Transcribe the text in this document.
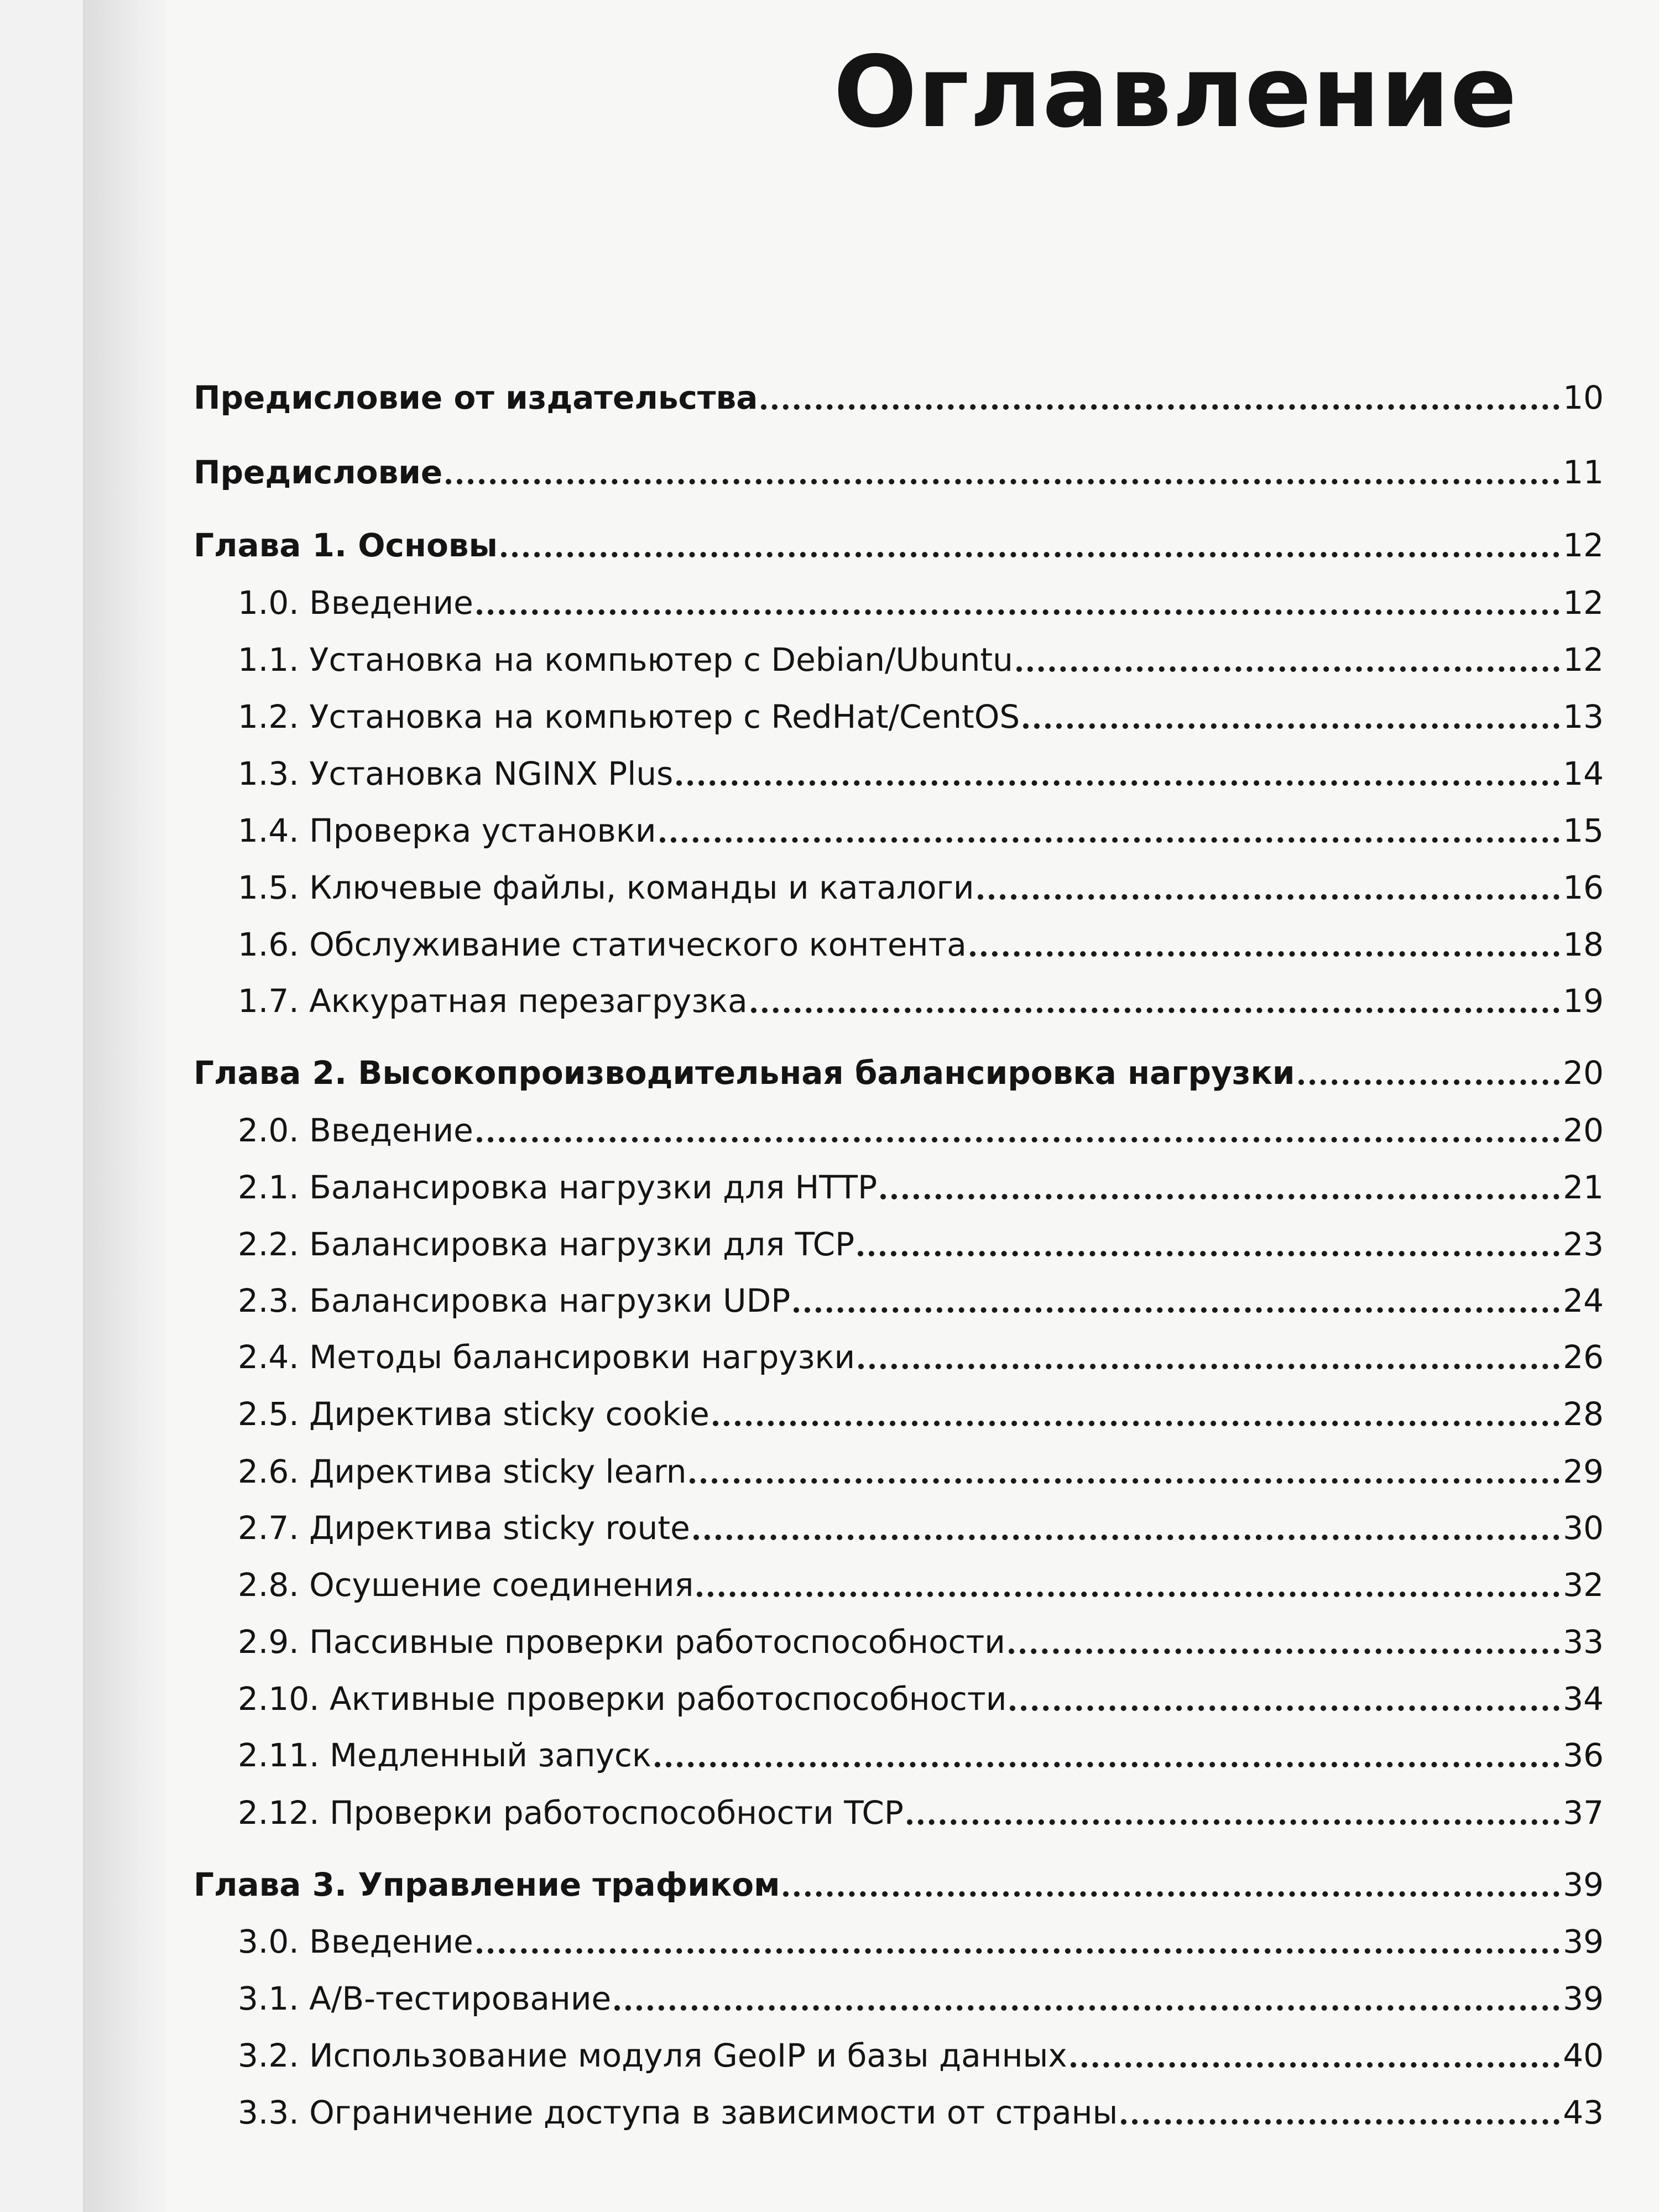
Оглавление
Предисловие от издательства	10
Предисловие	11
Глава 1. Основы	12
1.0. Введение	12
1.1. Установка на компьютер с Debian/Ubuntu	12
1.2. Установка на компьютер с RedHat/CentOS	13
1.3. Установка NGINX Plus	14
1.4. Проверка установки	15
1.5. Ключевые файлы, команды и каталоги	16
1.6. Обслуживание статического контента	18
1.7. Аккуратная перезагрузка	19
Глава 2. Высокопроизводительная балансировка нагрузки	20
2.0. Введение	20
2.1. Балансировка нагрузки для HTTP	21
2.2. Балансировка нагрузки для TCP	23
2.3. Балансировка нагрузки UDP	24
2.4. Методы балансировки нагрузки	26
2.5. Директива sticky cookie	28
2.6. Директива sticky learn	29
2.7. Директива sticky route	30
2.8. Осушение соединения	32
2.9. Пассивные проверки работоспособности	33
2.10. Активные проверки работоспособности	34
2.11. Медленный запуск	36
2.12. Проверки работоспособности TCP	37
Глава 3. Управление трафиком	39
3.0. Введение	39
3.1. A/B-тестирование	39
3.2. Использование модуля GeoIP и базы данных	40
3.3. Ограничение доступа в зависимости от страны	43
